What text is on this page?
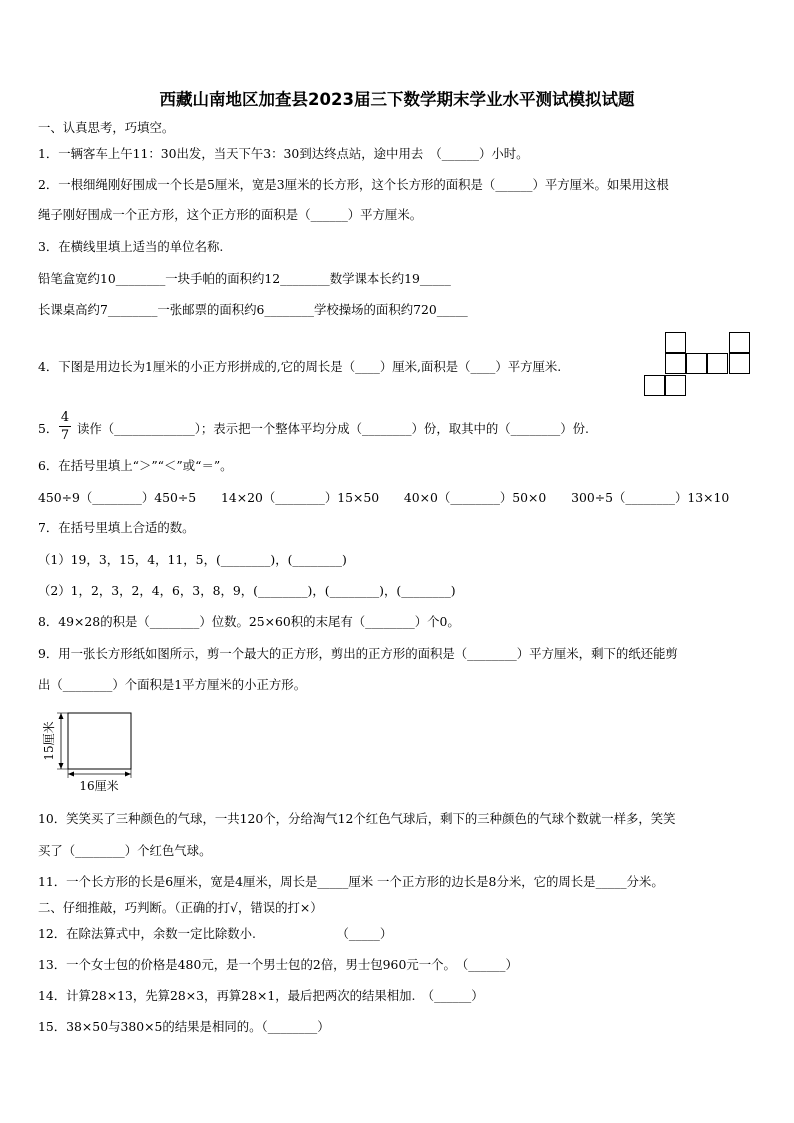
西藏山南地区加查县2023届三下数学期末学业水平测试模拟试题
一、认真思考，巧填空。
1．一辆客车上午11：30出发，当天下午3：30到达终点站，途中用去　（______）小时。
2．一根细绳刚好围成一个长是5厘米，宽是3厘米的长方形，这个长方形的面积是（______）平方厘米。如果用这根
绳子刚好围成一个正方形，这个正方形的面积是（______）平方厘米。
3．在横线里填上适当的单位名称.
铅笔盒宽约10________一块手帕的面积约12________数学课本长约19_____
长课桌高约7________一张邮票的面积约6________学校操场的面积约720_____
4．下图是用边长为1厘米的小正方形拼成的,它的周长是（____）厘米,面积是（____）平方厘米.
5．
4
7 读作（_____________）；表示把一个整体平均分成（________）份，取其中的（________）份.
6．在括号里填上“＞”“＜”或“＝”。
450÷9（________）450÷5　　14×20（________）15×50　　40×0（________）50×0　　300÷5（________）13×10
7．在括号里填上合适的数。
（1）19，3，15，4，11，5，(________)，(________)
（2）1，2，3，2，4，6，3，8，9，(________)，(________)，(________)
8．49×28的积是（________）位数。25×60积的末尾有（________）个0。
9．用一张长方形纸如图所示，剪一个最大的正方形，剪出的正方形的面积是（________）平方厘米，剩下的纸还能剪
出（________）个面积是1平方厘米的小正方形。
15厘米
16厘米
10．笑笑买了三种颜色的气球，一共120个，分给淘气12个红色气球后，剩下的三种颜色的气球个数就一样多，笑笑
买了（________）个红色气球。
11．一个长方形的长是6厘米，宽是4厘米，周长是_____厘米 一个正方形的边长是8分米，它的周长是_____分米。
二、仔细推敲，巧判断。（正确的打√，错误的打×）
12．在除法算式中，余数一定比除数小.　　　　　　　（_____）
13．一个女士包的价格是480元，是一个男士包的2倍，男士包960元一个。　（______）
14．计算28×13，先算28×3，再算28×1，最后把两次的结果相加.　（______）
15．38×50与380×5的结果是相同的。（________）
